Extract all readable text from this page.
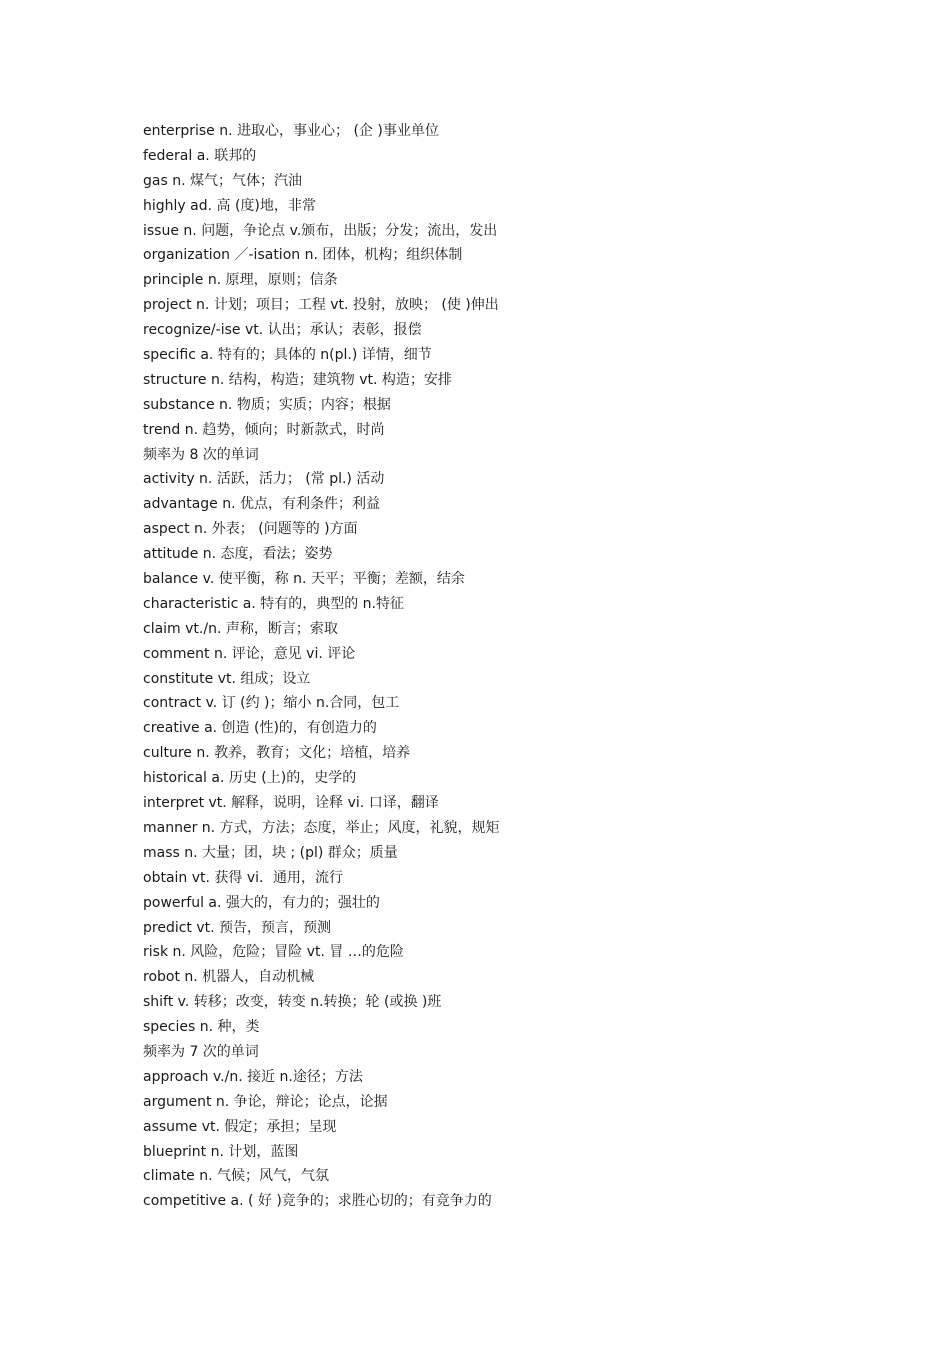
enterprise n. 进取心，事业心； (企 )事业单位
federal a. 联邦的
gas n. 煤气；气体；汽油
highly ad. 高 (度)地，非常
issue n. 问题，争论点 v.颁布，出版；分发；流出，发出
organization ／-isation n. 团体，机构；组织体制
principle n. 原理，原则；信条
project n. 计划；项目；工程 vt. 投射，放映； (使 )伸出
recognize/-ise vt. 认出；承认；表彰，报偿
specific a. 特有的；具体的 n(pl.) 详情，细节
structure n. 结构，构造；建筑物 vt. 构造；安排
substance n. 物质；实质；内容；根据
trend n. 趋势，倾向；时新款式，时尚
频率为 8 次的单词
activity n. 活跃，活力； (常 pl.) 活动
advantage n. 优点，有利条件；利益
aspect n. 外表； (问题等的 )方面
attitude n. 态度，看法；姿势
balance v. 使平衡，称 n. 天平；平衡；差额，结余
characteristic a. 特有的，典型的 n.特征
claim vt./n. 声称，断言；索取
comment n. 评论，意见 vi. 评论
constitute vt. 组成；设立
contract v. 订 (约 )；缩小 n.合同，包工
creative a. 创造 (性)的，有创造力的
culture n. 教养，教育；文化；培植，培养
historical a. 历史 (上)的，史学的
interpret vt. 解释，说明，诠释 vi. 口译，翻译
manner n. 方式，方法；态度，举止；风度，礼貌，规矩
mass n. 大量；团，块 ; (pl) 群众；质量
obtain vt. 获得 vi．通用，流行
powerful a. 强大的，有力的；强壮的
predict vt. 预告，预言，预测
risk n. 风险，危险；冒险 vt. 冒 …的危险
robot n. 机器人，自动机械
shift v. 转移；改变，转变 n.转换；轮 (或换 )班
species n. 种，类
频率为 7 次的单词
approach v./n. 接近 n.途径；方法
argument n. 争论，辩论；论点，论据
assume vt. 假定；承担；呈现
blueprint n. 计划，蓝图
climate n. 气候；风气，气氛
competitive a. ( 好 )竞争的；求胜心切的；有竞争力的
